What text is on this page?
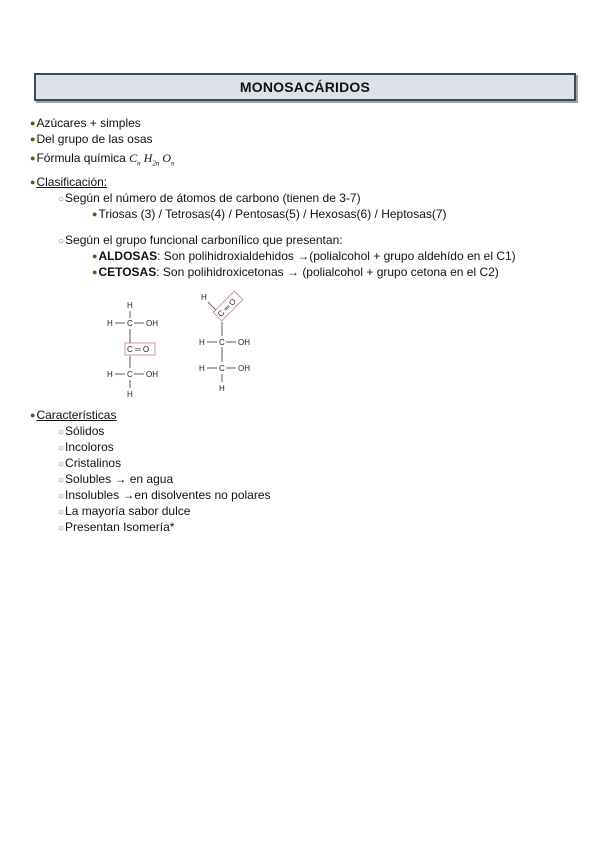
MONOSACÁRIDOS
●Azúcares + simples
●Del grupo de las osas
●Fórmula química $C_n$ $H_{2n}$ $O_n$
●Clasificación:
○Según el número de átomos de carbono (tienen de 3-7)
●Triosas (3) / Tetrosas(4) / Pentosas(5) / Hexosas(6) / Heptosas(7)
○Según el grupo funcional carbonílico que presentan:
●ALDOSAS: Son polihidroxialdehidos →(polialcohol + grupo aldehído en el C1)
●CETOSAS: Son polihidroxicetonas → (polialcohol + grupo cetona en el C2)
H
H C OH
C ═ O
H C OH
H
H C ═ O
H C OH
H C OH
H
●Características
○Sólidos
○Incoloros
○Cristalinos
○Solubles → en agua
○Insolubles →en disolventes no polares
○La mayoría sabor dulce
○Presentan Isomería*
